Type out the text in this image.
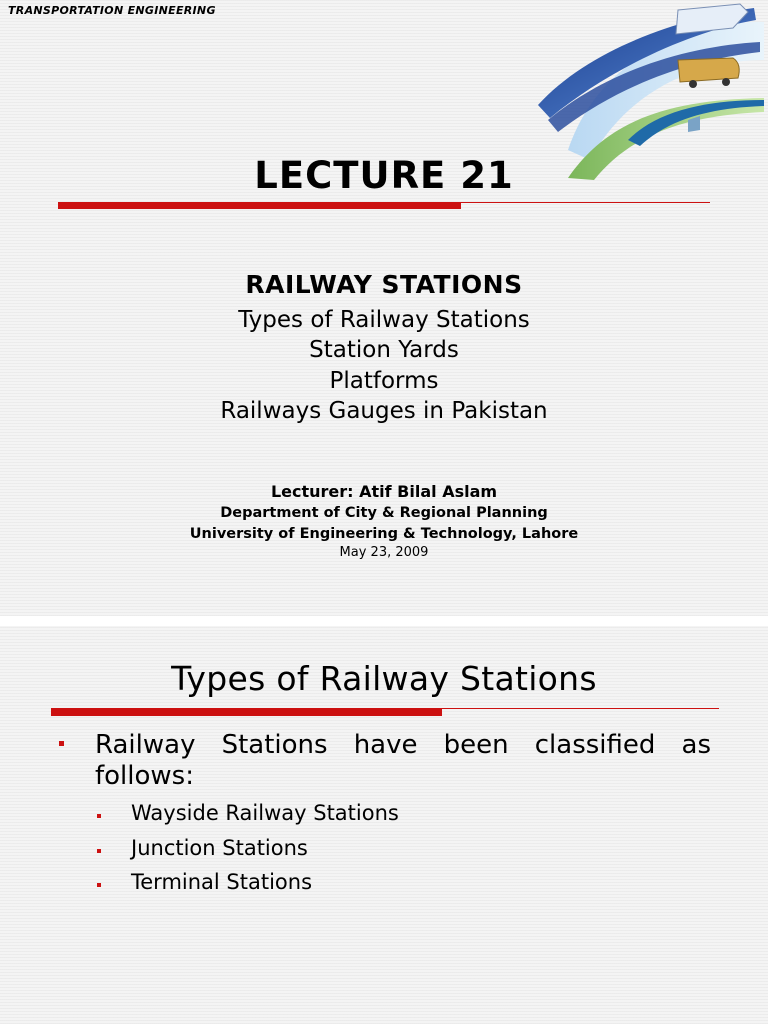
TRANSPORTATION ENGINEERING
LECTURE 21
RAILWAY STATIONS
Types of Railway Stations
Station Yards
Platforms
Railways Gauges in Pakistan
Lecturer: Atif Bilal Aslam
Department of City & Regional Planning
University of Engineering & Technology, Lahore
May 23, 2009
Types of Railway Stations
Railway Stations have been classified as follows:
Wayside Railway Stations
Junction Stations
Terminal Stations
